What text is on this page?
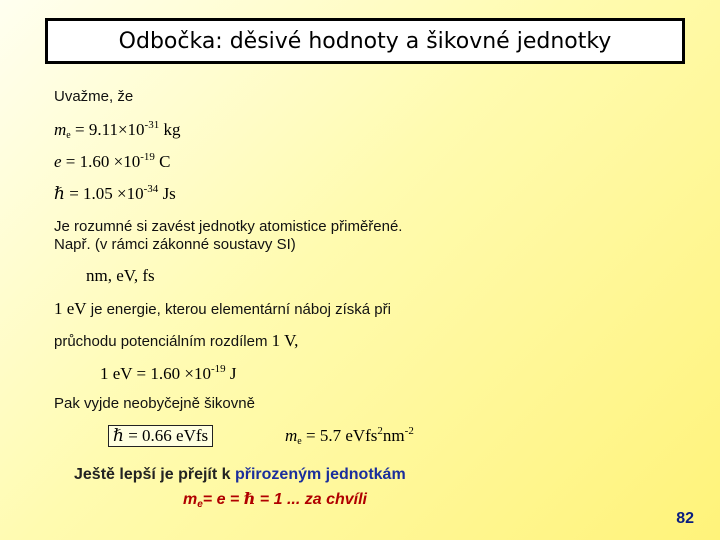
Odbočka: děsivé hodnoty a šikovné jednotky
Uvažme, že
$m_e = 9.11\times 10^{-31}$ kg
$e = 1.60 \times 10^{-19}$ C
ℏ = $1.05 \times 10^{-34}$ Js
Je rozumné si zavést jednotky atomistice přiměřené.
Např. (v rámci zákonné soustavy SI)
nm, eV, fs
1 eV je energie, kterou elementární náboj získá při
průchodu potenciálním rozdílem 1 V,
1 eV = $1.60 \times 10^{-19}$ J
Pak vyjde neobyčejně šikovně
ℏ = 0.66 eVfs	$m_e = 5.7$ $eVfs^2nm^{-2}$
Ještě lepší je přejít k přirozeným jednotkám
$m_e= e$ = ℏ = 1 ... za chvíli
82
